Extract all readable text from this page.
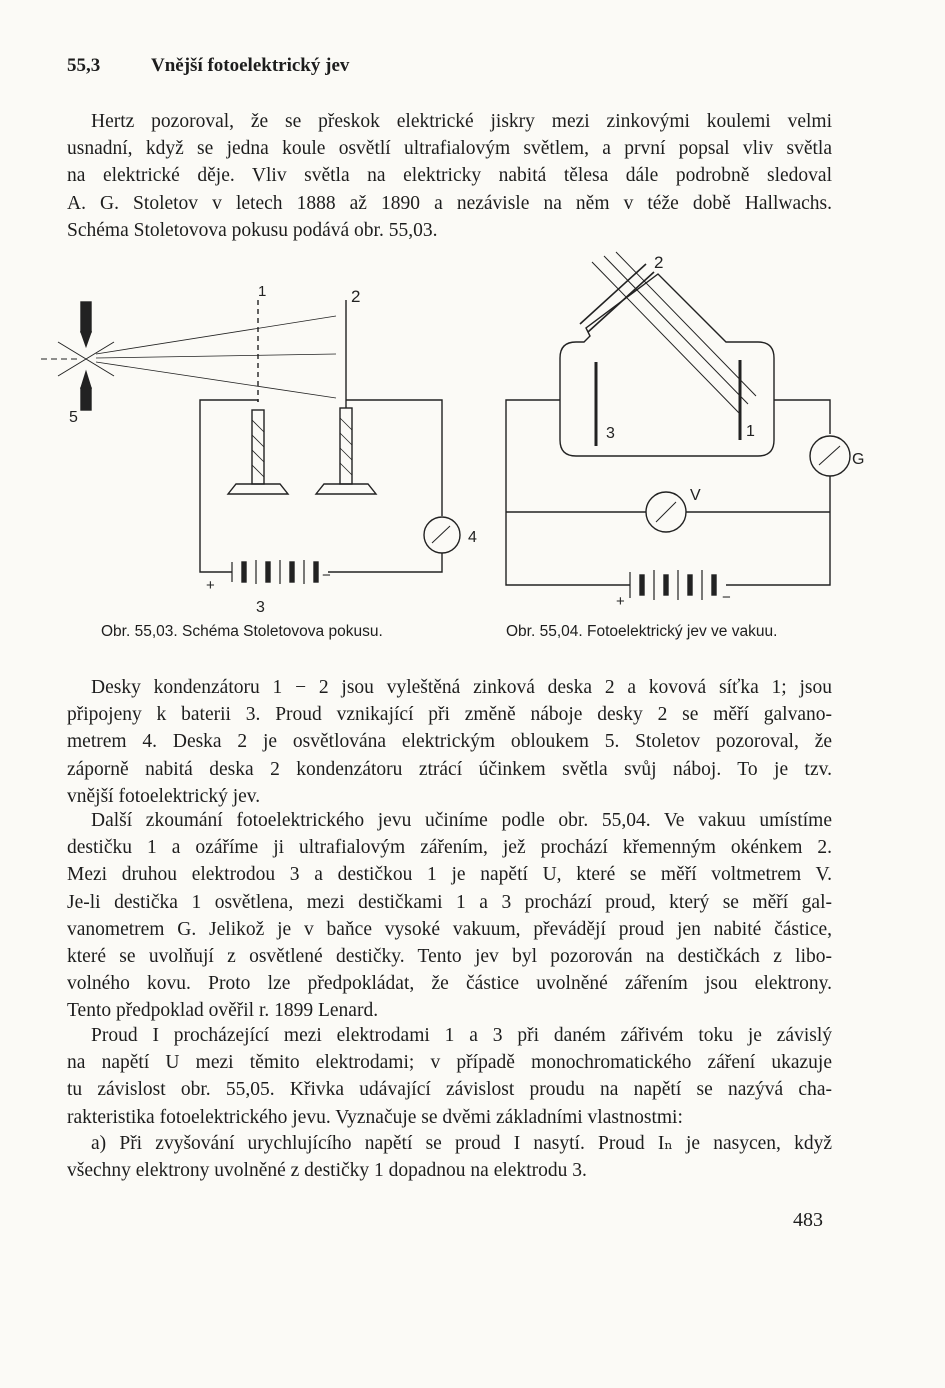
55,3	Vnější fotoelektrický jev

Hertz pozoroval, že se přeskok elektrické jiskry mezi zinkovými koulemi velmi
usnadní, když se jedna koule osvětlí ultrafialovým světlem, a první popsal vliv světla
na elektrické děje. Vliv světla na elektricky nabitá tělesa dále podrobně sledoval
A. G. Stoletov v letech 1888 až 1890 a nezávisle na něm v téže době Hallwachs.
Schéma Stoletovova pokusu podává obr. 55,03.

1	2
5
4
3
+
−
Obr. 55,03. Schéma Stoletovova pokusu.
2
3	1
V
G
+	−
Obr. 55,04. Fotoelektrický jev ve vakuu.

Desky kondenzátoru 1 − 2 jsou vyleštěná zinková deska 2 a kovová síťka 1; jsou
připojeny k baterii 3. Proud vznikající při změně náboje desky 2 se měří galvano-
metrem 4. Deska 2 je osvětlována elektrickým obloukem 5. Stoletov pozoroval, že
záporně nabitá deska 2 kondenzátoru ztrácí účinkem světla svůj náboj. To je tzv.
vnější fotoelektrický jev.

Další zkoumání fotoelektrického jevu učiníme podle obr. 55,04. Ve vakuu umístíme
destičku 1 a ozáříme ji ultrafialovým zářením, jež prochází křemenným okénkem 2.
Mezi druhou elektrodou 3 a destičkou 1 je napětí U, které se měří voltmetrem V.
Je-li destička 1 osvětlena, mezi destičkami 1 a 3 prochází proud, který se měří gal-
vanometrem G. Jelikož je v baňce vysoké vakuum, převádějí proud jen nabité částice,
které se uvolňují z osvětlené destičky. Tento jev byl pozorován na destičkách z libo-
volného kovu. Proto lze předpokládat, že částice uvolněné zářením jsou elektrony.
Tento předpoklad ověřil r. 1899 Lenard.

Proud I procházející mezi elektrodami 1 a 3 při daném zářivém toku je závislý
na napětí U mezi těmito elektrodami; v případě monochromatického záření ukazuje
tu závislost obr. 55,05. Křivka udávající závislost proudu na napětí se nazývá cha-
rakteristika fotoelektrického jevu. Vyznačuje se dvěmi základními vlastnostmi:

a) Při zvyšování urychlujícího napětí se proud I nasytí. Proud Iₙ je nasycen, když
všechny elektrony uvolněné z destičky 1 dopadnou na elektrodu 3.

483
